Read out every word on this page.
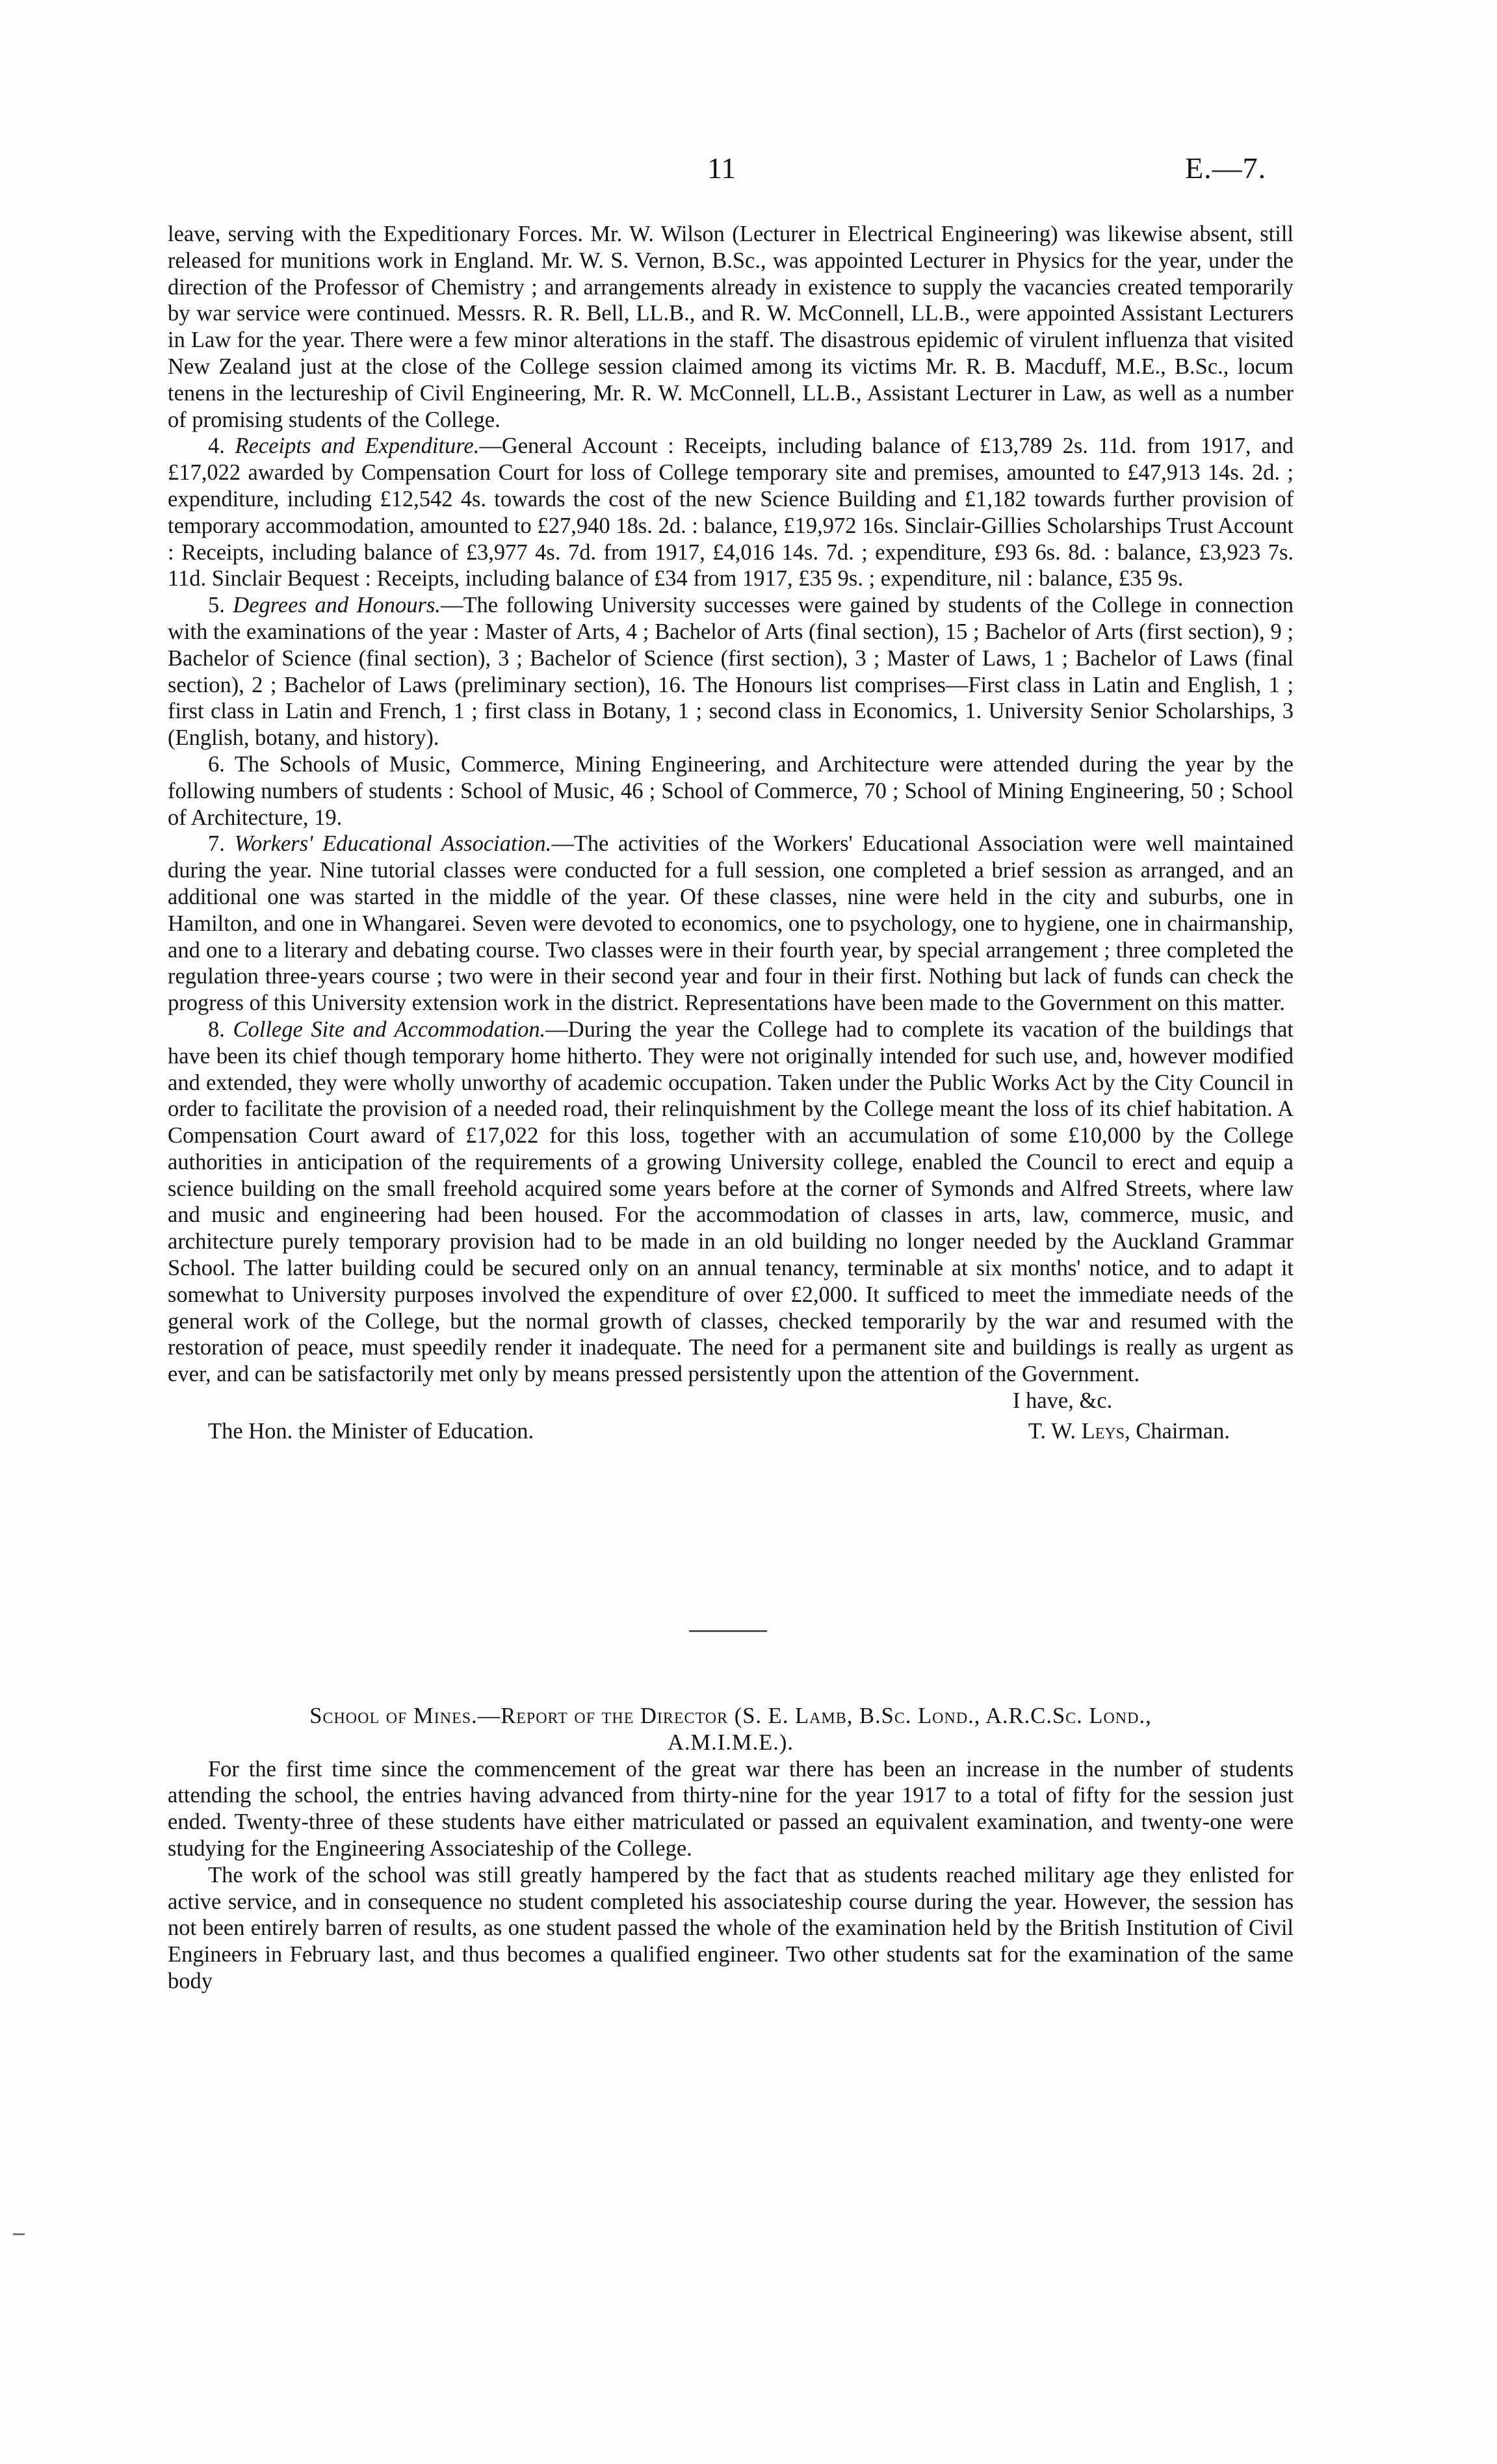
11	E.—7.

leave, serving with the Expeditionary Forces. Mr. W. Wilson (Lecturer in Electrical Engineering) was likewise absent, still released for munitions work in England. Mr. W. S. Vernon, B.Sc., was appointed Lecturer in Physics for the year, under the direction of the Professor of Chemistry ; and arrangements already in existence to supply the vacancies created temporarily by war service were continued. Messrs. R. R. Bell, LL.B., and R. W. McConnell, LL.B., were appointed Assistant Lecturers in Law for the year. There were a few minor alterations in the staff. The disastrous epidemic of virulent influenza that visited New Zealand just at the close of the College session claimed among its victims Mr. R. B. Macduff, M.E., B.Sc., locum tenens in the lectureship of Civil Engineering, Mr. R. W. McConnell, LL.B., Assistant Lecturer in Law, as well as a number of promising students of the College.

4. Receipts and Expenditure.—General Account : Receipts, including balance of £13,789 2s. 11d. from 1917, and £17,022 awarded by Compensation Court for loss of College temporary site and premises, amounted to £47,913 14s. 2d. ; expenditure, including £12,542 4s. towards the cost of the new Science Building and £1,182 towards further provision of temporary accommodation, amounted to £27,940 18s. 2d. : balance, £19,972 16s. Sinclair-Gillies Scholarships Trust Account : Receipts, including balance of £3,977 4s. 7d. from 1917, £4,016 14s. 7d. ; expenditure, £93 6s. 8d. : balance, £3,923 7s. 11d. Sinclair Bequest : Receipts, including balance of £34 from 1917, £35 9s. ; expenditure, nil : balance, £35 9s.

5. Degrees and Honours.—The following University successes were gained by students of the College in connection with the examinations of the year : Master of Arts, 4 ; Bachelor of Arts (final section), 15 ; Bachelor of Arts (first section), 9 ; Bachelor of Science (final section), 3 ; Bachelor of Science (first section), 3 ; Master of Laws, 1 ; Bachelor of Laws (final section), 2 ; Bachelor of Laws (preliminary section), 16. The Honours list comprises—First class in Latin and English, 1 ; first class in Latin and French, 1 ; first class in Botany, 1 ; second class in Economics, 1. University Senior Scholarships, 3 (English, botany, and history).

6. The Schools of Music, Commerce, Mining Engineering, and Architecture were attended during the year by the following numbers of students : School of Music, 46 ; School of Commerce, 70 ; School of Mining Engineering, 50 ; School of Architecture, 19.

7. Workers' Educational Association.—The activities of the Workers' Educational Association were well maintained during the year. Nine tutorial classes were conducted for a full session, one completed a brief session as arranged, and an additional one was started in the middle of the year. Of these classes, nine were held in the city and suburbs, one in Hamilton, and one in Whangarei. Seven were devoted to economics, one to psychology, one to hygiene, one in chairmanship, and one to a literary and debating course. Two classes were in their fourth year, by special arrangement ; three completed the regulation three-years course ; two were in their second year and four in their first. Nothing but lack of funds can check the progress of this University extension work in the district. Representations have been made to the Government on this matter.

8. College Site and Accommodation.—During the year the College had to complete its vacation of the buildings that have been its chief though temporary home hitherto. They were not originally intended for such use, and, however modified and extended, they were wholly unworthy of academic occupation. Taken under the Public Works Act by the City Council in order to facilitate the provision of a needed road, their relinquishment by the College meant the loss of its chief habitation. A Compensation Court award of £17,022 for this loss, together with an accumulation of some £10,000 by the College authorities in anticipation of the requirements of a growing University college, enabled the Council to erect and equip a science building on the small freehold acquired some years before at the corner of Symonds and Alfred Streets, where law and music and engineering had been housed. For the accommodation of classes in arts, law, commerce, music, and architecture purely temporary provision had to be made in an old building no longer needed by the Auckland Grammar School. The latter building could be secured only on an annual tenancy, terminable at six months' notice, and to adapt it somewhat to University purposes involved the expenditure of over £2,000. It sufficed to meet the immediate needs of the general work of the College, but the normal growth of classes, checked temporarily by the war and resumed with the restoration of peace, must speedily render it inadequate. The need for a permanent site and buildings is really as urgent as ever, and can be satisfactorily met only by means pressed persistently upon the attention of the Government.

I have, &c.

The Hon. the Minister of Education.	T. W. Leys, Chairman.

School of Mines.—Report of the Director (S. E. Lamb, B.Sc. Lond., A.R.C.Sc. Lond.,

A.M.I.M.E.).

For the first time since the commencement of the great war there has been an increase in the number of students attending the school, the entries having advanced from thirty-nine for the year 1917 to a total of fifty for the session just ended. Twenty-three of these students have either matriculated or passed an equivalent examination, and twenty-one were studying for the Engineering Associateship of the College.

The work of the school was still greatly hampered by the fact that as students reached military age they enlisted for active service, and in consequence no student completed his associateship course during the year. However, the session has not been entirely barren of results, as one student passed the whole of the examination held by the British Institution of Civil Engineers in February last, and thus becomes a qualified engineer. Two other students sat for the examination of the same body
